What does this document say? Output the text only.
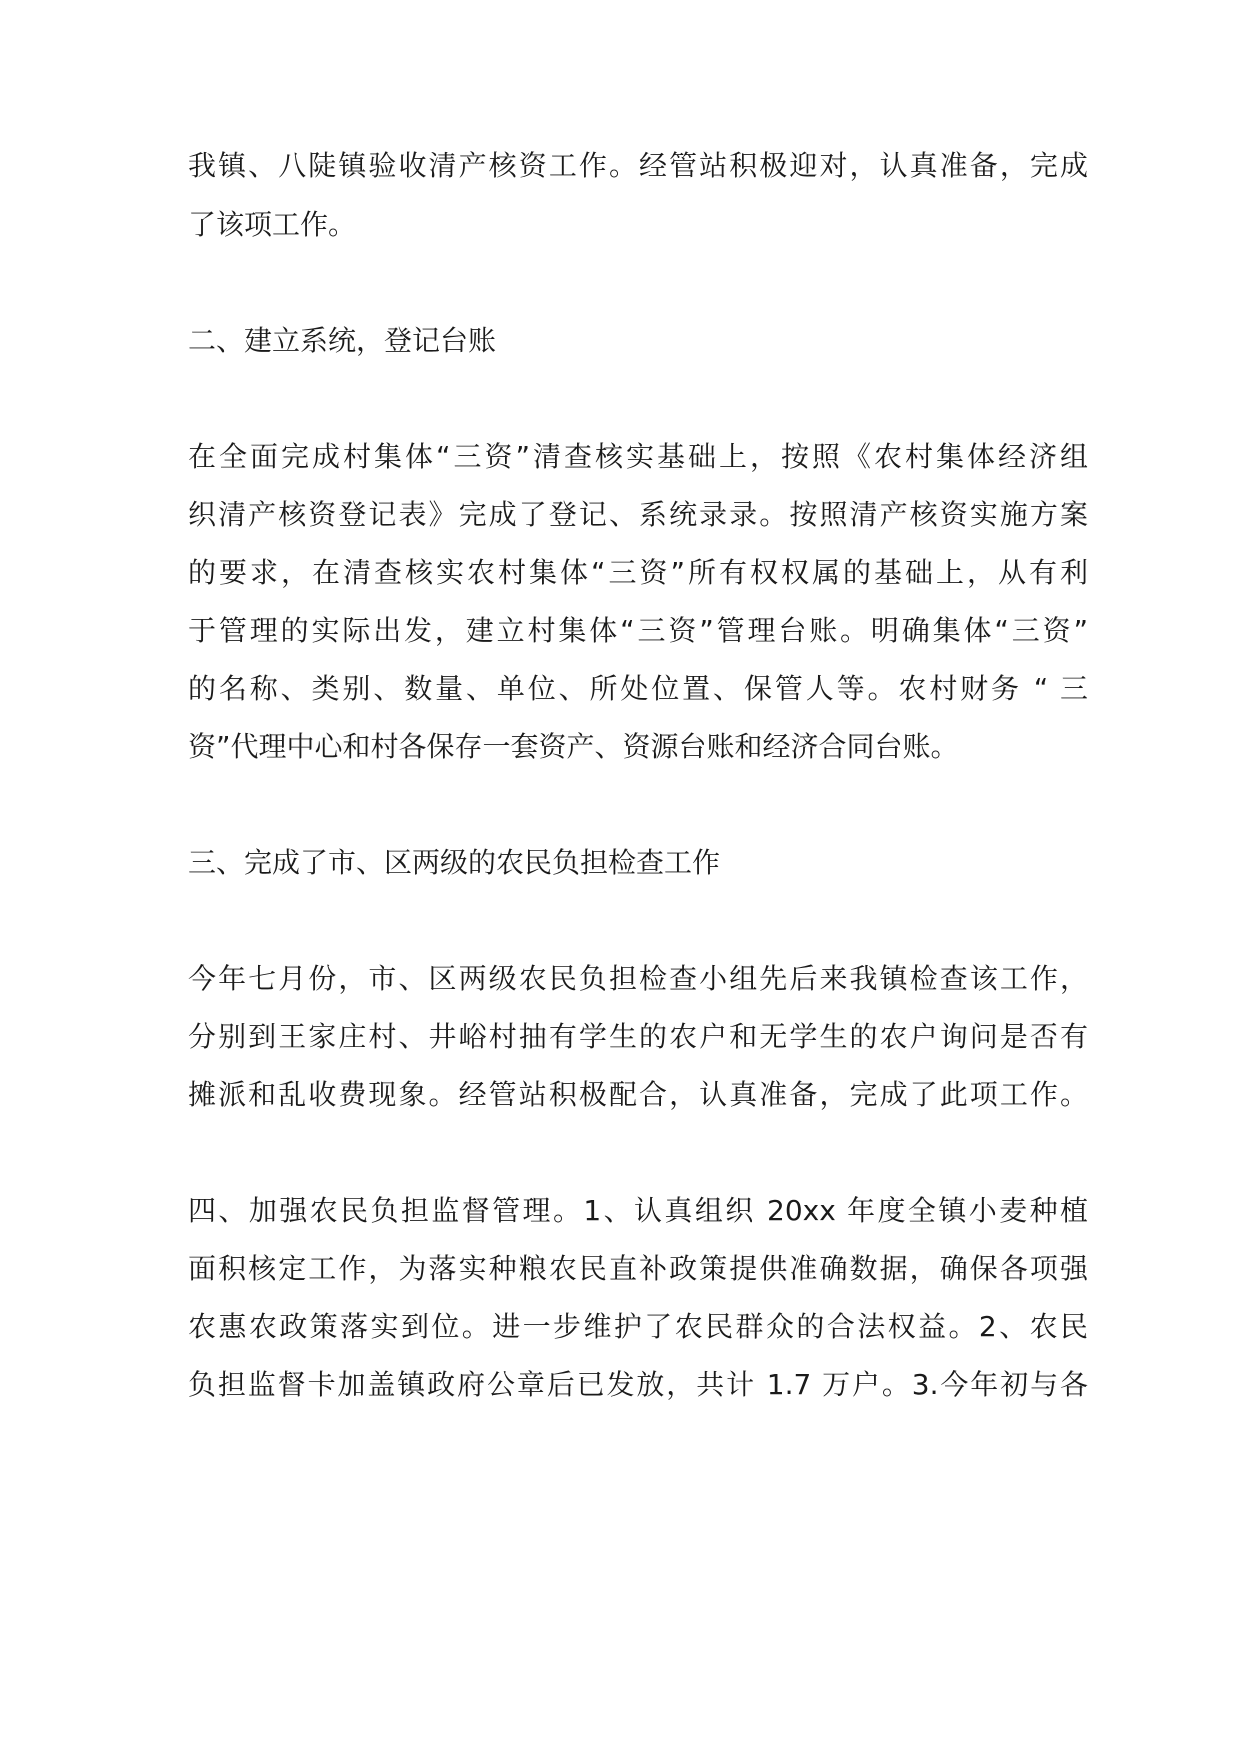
我镇、八陡镇验收清产核资工作。经管站积极迎对，认真准备，完成

了该项工作。

二、建立系统，登记台账

在全面完成村集体“三资”清查核实基础上，按照《农村集体经济组

织清产核资登记表》完成了登记、系统录录。按照清产核资实施方案

的要求，在清查核实农村集体“三资”所有权权属的基础上，从有利

于管理的实际出发，建立村集体“三资”管理台账。明确集体“三资”

的名称、类别、数量、单位、所处位置、保管人等。农村财务 “ 三

资”代理中心和村各保存一套资产、资源台账和经济合同台账。

三、完成了市、区两级的农民负担检查工作

今年七月份，市、区两级农民负担检查小组先后来我镇检查该工作，

分别到王家庄村、井峪村抽有学生的农户和无学生的农户询问是否有

摊派和乱收费现象。经管站积极配合，认真准备，完成了此项工作。

四、加强农民负担监督管理。1、认真组织 20xx 年度全镇小麦种植

面积核定工作，为落实种粮农民直补政策提供准确数据，确保各项强

农惠农政策落实到位。进一步维护了农民群众的合法权益。2、农民

负担监督卡加盖镇政府公章后已发放，共计 1.7 万户。3.今年初与各
